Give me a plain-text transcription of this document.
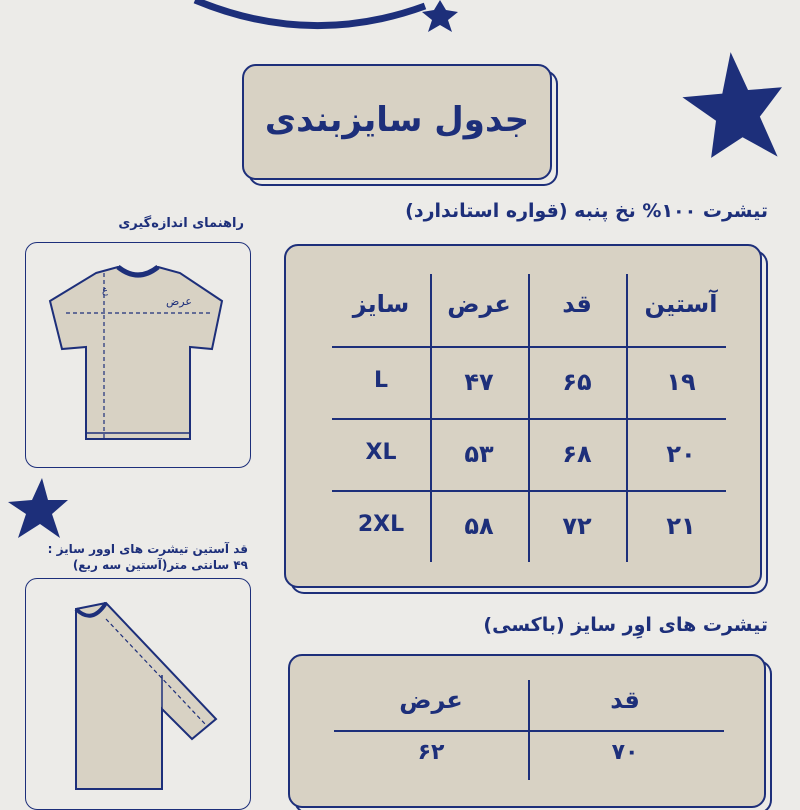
جدول سایزبندی
تیشرت ۱۰۰% نخ پنبه (قواره استاندارد)
سایز	عرض	قد	آستین
L	۴۷	۶۵	۱۹
XL	۵۳	۶۸	۲۰
2XL	۵۸	۷۲	۲۱
تیشرت های اوِر سایز (باکسی)
عرض	قد
۶۲	۷۰
راهنمای اندازه‌گیری
ع
عرض
قد آستین تیشرت های اوور سایز :
۴۹ سانتی متر(آستین سه ربع)
